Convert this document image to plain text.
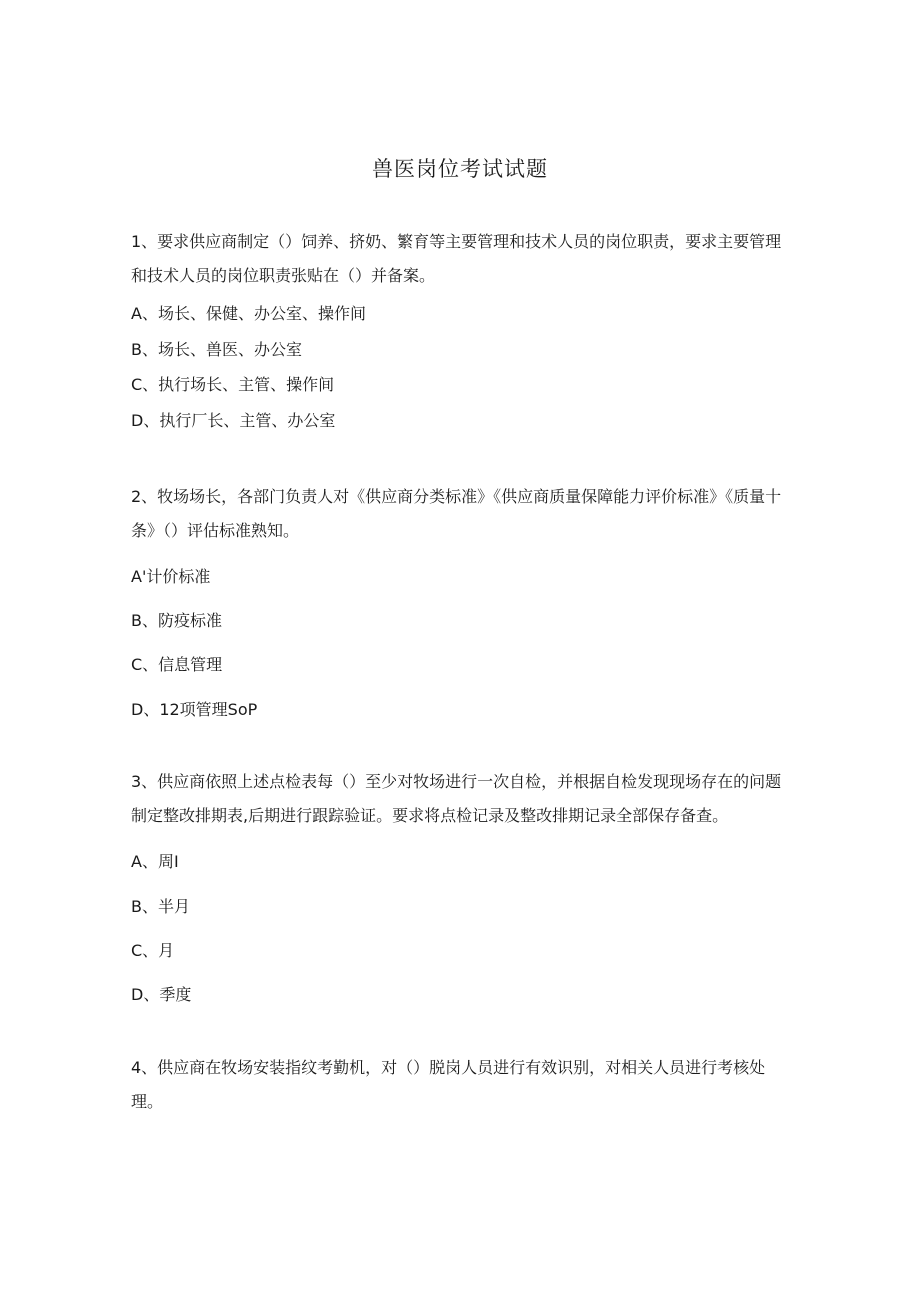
兽医岗位考试试题

1、要求供应商制定（）饲养、挤奶、繁育等主要管理和技术人员的岗位职责，要求主要管理和技术人员的岗位职责张贴在（）并备案。

A、场长、保健、办公室、操作间

B、场长、兽医、办公室

C、执行场长、主管、操作间

D、执行厂长、主管、办公室

2、牧场场长，各部门负责人对《供应商分类标准》《供应商质量保障能力评价标准》《质量十条》（）评估标准熟知。

A'计价标准

B、防疫标准

C、信息管理

D、12项管理SoP

3、供应商依照上述点检表每（）至少对牧场进行一次自检，并根据自检发现现场存在的问题制定整改排期表,后期进行跟踪验证。要求将点检记录及整改排期记录全部保存备查。

A、周I

B、半月

C、月

D、季度

4、供应商在牧场安装指纹考勤机，对（）脱岗人员进行有效识别，对相关人员进行考核处理。
